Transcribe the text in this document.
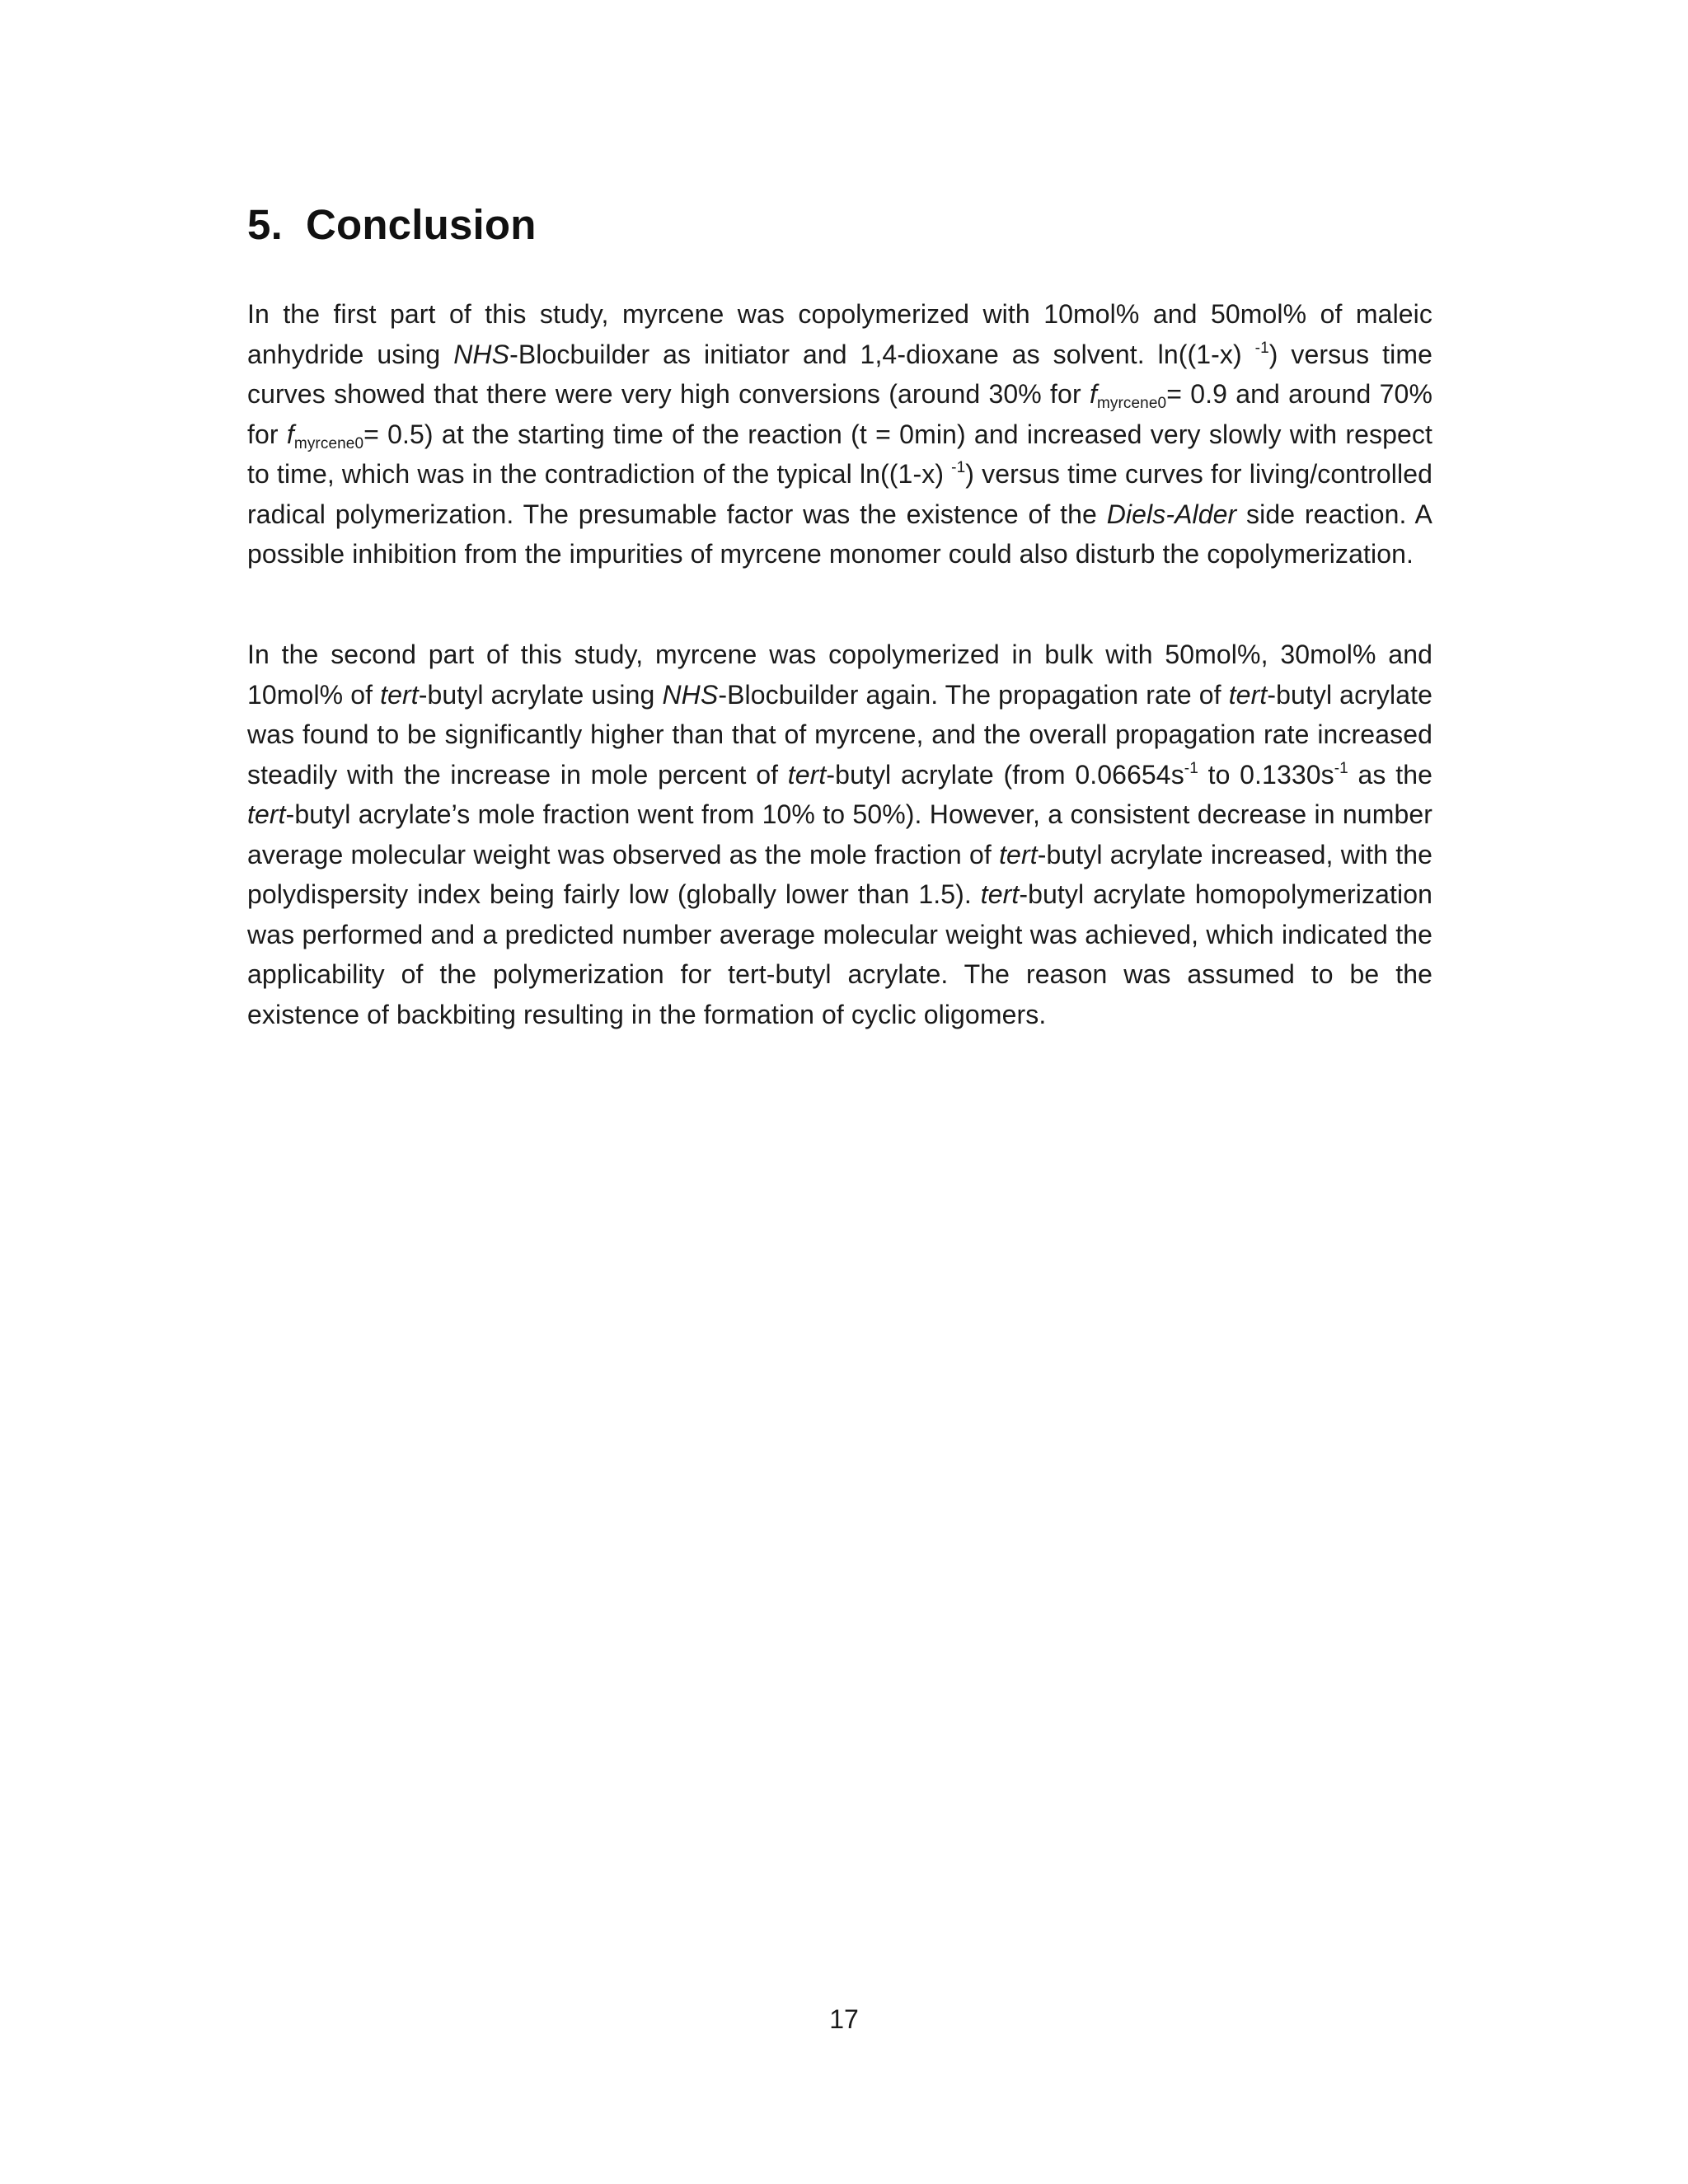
5. Conclusion

In the first part of this study, myrcene was copolymerized with 10mol% and 50mol% of maleic anhydride using NHS-Blocbuilder as initiator and 1,4-dioxane as solvent. ln((1-x) $^{-1}$) versus time curves showed that there were very high conversions (around 30% for $f_{myrcene0}= 0.9$ and around 70% for $f_{myrcene0}= 0.5$) at the starting time of the reaction (t = 0min) and increased very slowly with respect to time, which was in the contradiction of the typical ln((1-x) $^{-1}$) versus time curves for living/controlled radical polymerization. The presumable factor was the existence of the Diels-Alder side reaction. A possible inhibition from the impurities of myrcene monomer could also disturb the copolymerization.

In the second part of this study, myrcene was copolymerized in bulk with 50mol%, 30mol% and 10mol% of tert-butyl acrylate using NHS-Blocbuilder again. The propagation rate of tert-butyl acrylate was found to be significantly higher than that of myrcene, and the overall propagation rate increased steadily with the increase in mole percent of tert-butyl acrylate (from $0.06654s^{-1}$ to $0.1330s^{-1}$ as the tert-butyl acrylate’s mole fraction went from 10% to 50%). However, a consistent decrease in number average molecular weight was observed as the mole fraction of tert-butyl acrylate increased, with the polydispersity index being fairly low (globally lower than 1.5). tert-butyl acrylate homopolymerization was performed and a predicted number average molecular weight was achieved, which indicated the applicability of the polymerization for tert-butyl acrylate. The reason was assumed to be the existence of backbiting resulting in the formation of cyclic oligomers.

17
